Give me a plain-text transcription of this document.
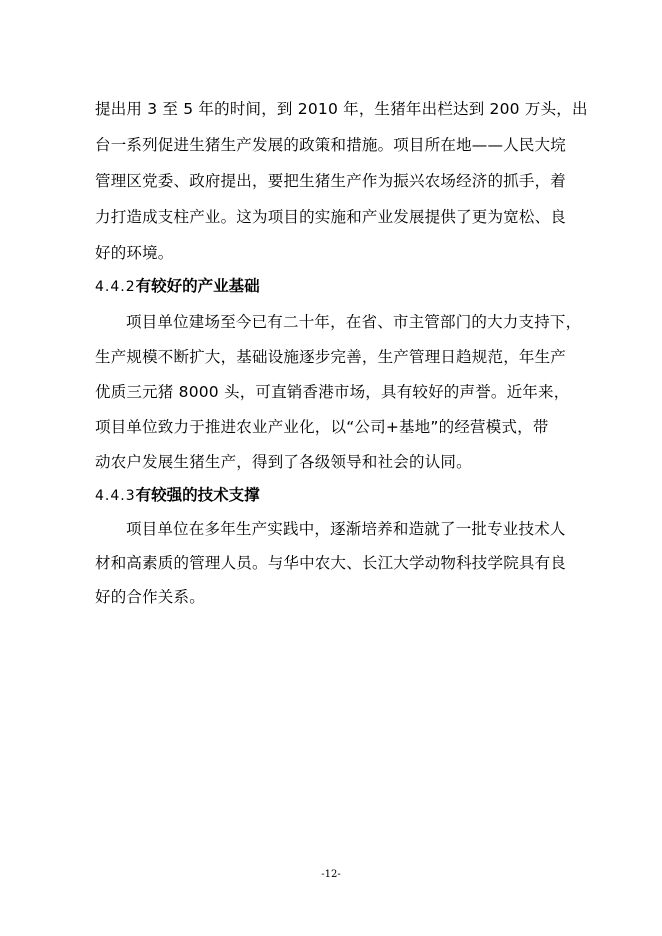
提出用 3 至 5 年的时间，到 2010 年，生猪年出栏达到 200 万头，出
台一系列促进生猪生产发展的政策和措施。项目所在地——人民大垸
管理区党委、政府提出，要把生猪生产作为振兴农场经济的抓手，着
力打造成支柱产业。这为项目的实施和产业发展提供了更为宽松、良
好的环境。
4.4.2有较好的产业基础
项目单位建场至今已有二十年，在省、市主管部门的大力支持下，
生产规模不断扩大，基础设施逐步完善，生产管理日趋规范，年生产
优质三元猪 8000 头，可直销香港市场，具有较好的声誉。近年来，
项目单位致力于推进农业产业化，以“公司+基地”的经营模式，带
动农户发展生猪生产，得到了各级领导和社会的认同。
4.4.3有较强的技术支撑
项目单位在多年生产实践中，逐渐培养和造就了一批专业技术人
材和高素质的管理人员。与华中农大、长江大学动物科技学院具有良
好的合作关系。
-12-
